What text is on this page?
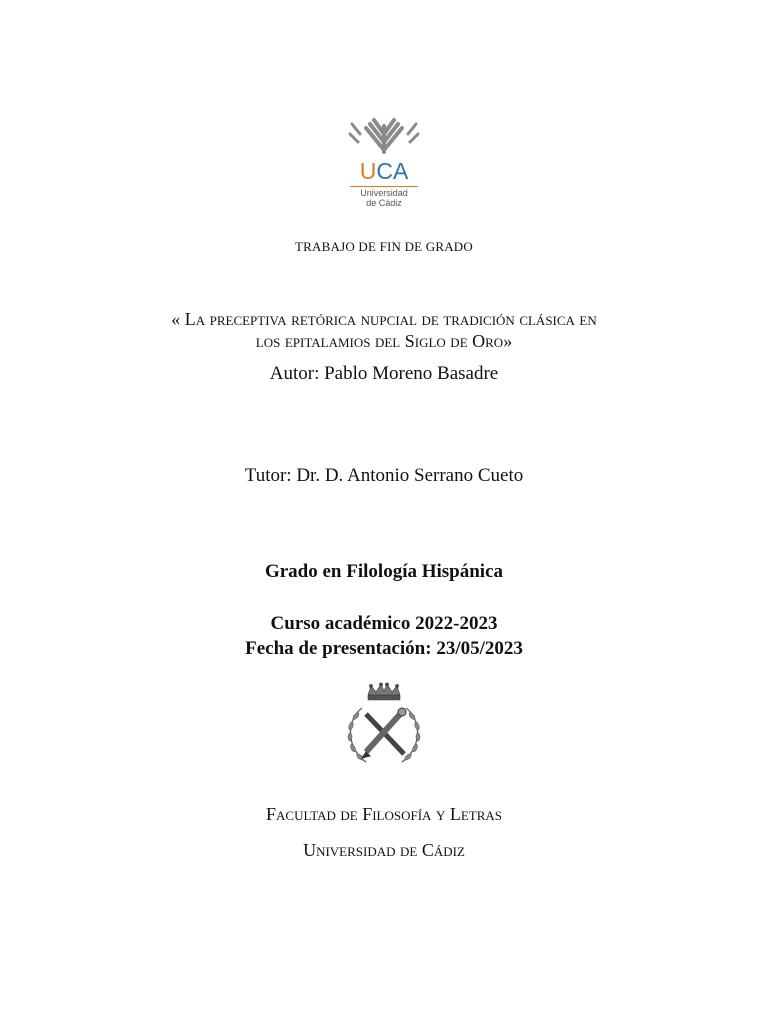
UCA
Universidad
de Cádiz
TRABAJO DE FIN DE GRADO
« La preceptiva retórica nupcial de tradición clásica en
los epitalamios del Siglo de Oro»
Autor: Pablo Moreno Basadre
Tutor: Dr. D. Antonio Serrano Cueto
Grado en Filología Hispánica
Curso académico 2022-2023
Fecha de presentación: 23/05/2023
Facultad de Filosofía y Letras
Universidad de Cádiz
